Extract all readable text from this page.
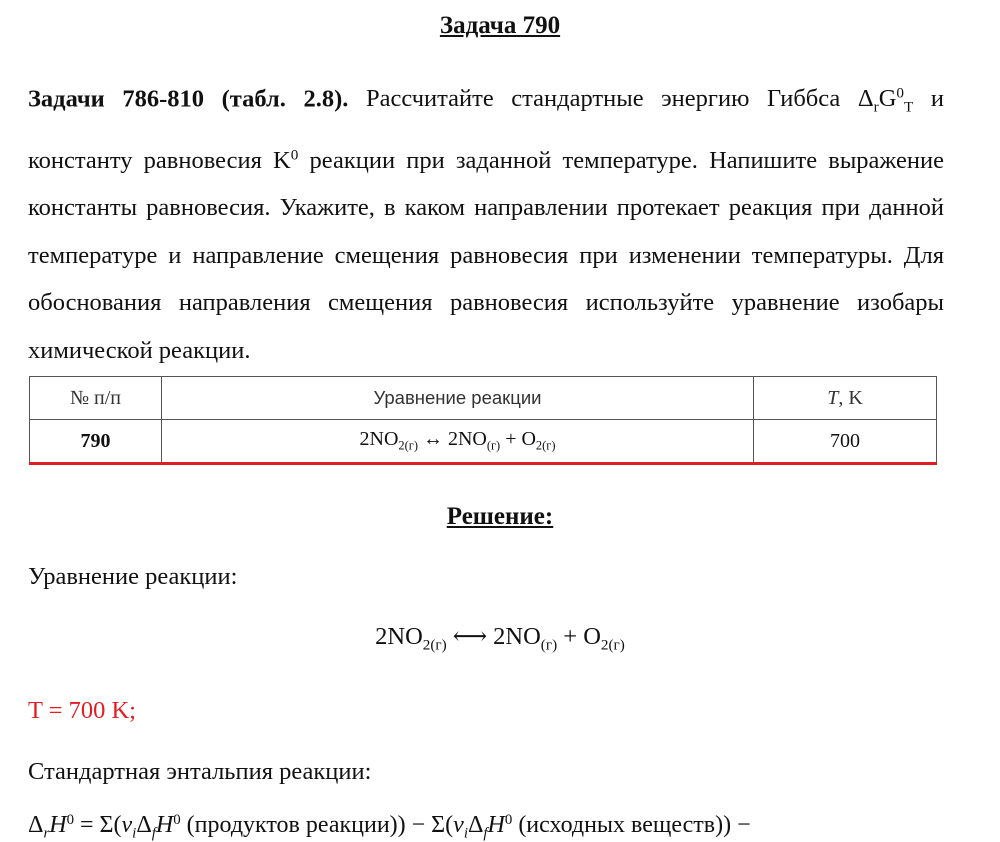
Задача 790
Задачи 786-810 (табл. 2.8). Рассчитайте стандартные энергию Гиббса $\Delta_rG^0_T$ и константу равновесия $K^0$ реакции при заданной температуре. Напишите выражение константы равновесия. Укажите, в каком направлении протекает реакция при данной температуре и направление смещения равновесия при изменении температуры. Для обоснования направления смещения равновесия используйте уравнение изобары химической реакции.
№ п/п	Уравнение реакции	T, K
790	$2NO_{2(г)}$ ↔ $2NO_{(г)} + O_{2(г)}$	700
Решение:
Уравнение реакции:
$2NO_{2(г)}$ ⟷ $2NO_{(г)} + O_{2(г)}$
T = 700 K;
Стандартная энтальпия реакции:
$\Delta_rH^0 = \Sigma(\nu_i\Delta_fH^0$ (продуктов реакции)) − $\Sigma(\nu_i\Delta_fH^0$ (исходных веществ)) −
